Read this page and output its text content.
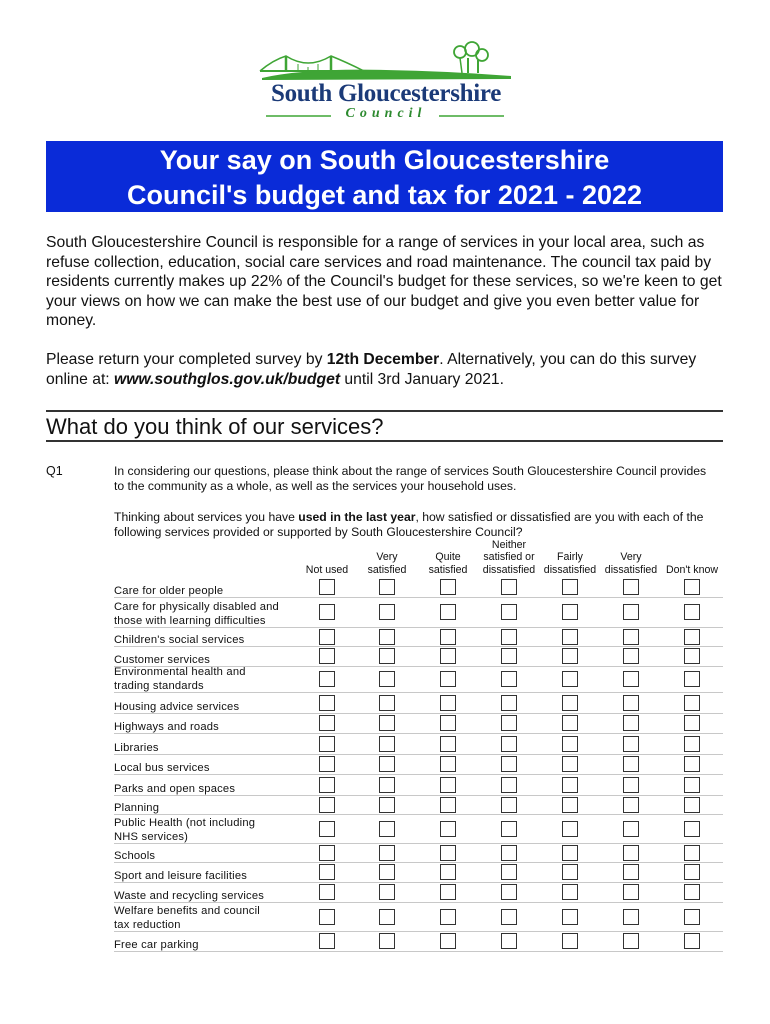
South Gloucestershire
Council
Your say on South Gloucestershire
Council's budget and tax for 2021 - 2022
South Gloucestershire Council is responsible for a range of services in your local area, such as refuse collection, education, social care services and road maintenance. The council tax paid by residents currently makes up 22% of the Council's budget for these services, so we're keen to get your views on how we can make the best use of our budget and give you even better value for money.
Please return your completed survey by 12th December. Alternatively, you can do this survey online at: www.southglos.gov.uk/budget until 3rd January 2021.
What do you think of our services?
Q1	In considering our questions, please think about the range of services South Gloucestershire Council provides to the community as a whole, as well as the services your household uses.
Thinking about services you have used in the last year, how satisfied or dissatisfied are you with each of the following services provided or supported by South Gloucestershire Council?
Not used
Very
satisfied
Quite
satisfied
Neither
satisfied or
dissatisfied
Fairly
dissatisfied
Very
dissatisfied Don't know
Care for older people
Care for physically disabled and
those with learning difficulties
Children's social services
Customer services
Environmental health and
trading standards
Housing advice services
Highways and roads
Libraries
Local bus services
Parks and open spaces
Planning
Public Health (not including
NHS services)
Schools
Sport and leisure facilities
Waste and recycling services
Welfare benefits and council
tax reduction
Free car parking
